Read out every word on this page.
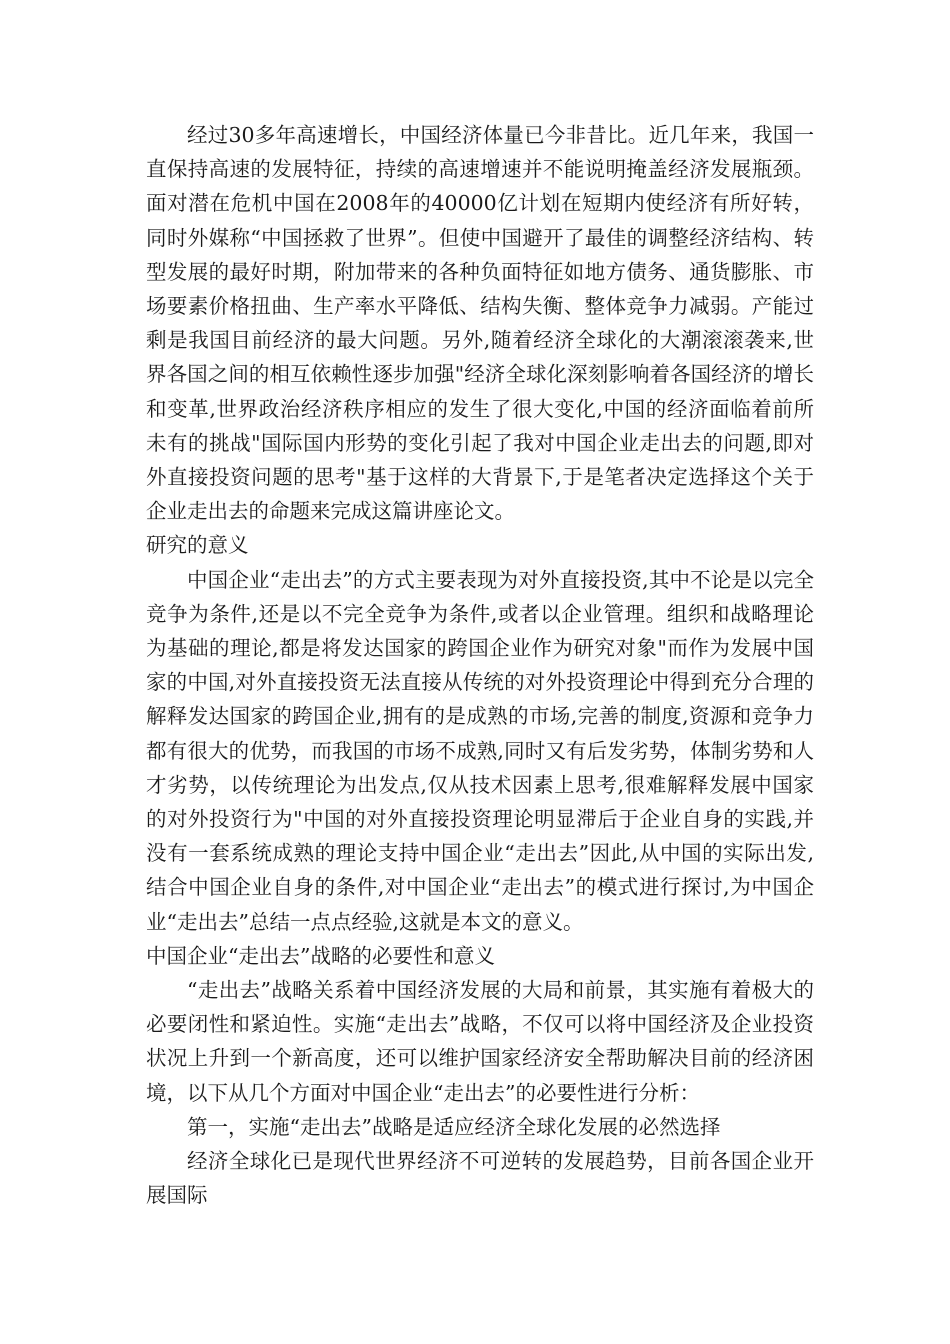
经过30多年高速增长，中国经济体量已今非昔比。近几年来，我国一直保持高速的发展特征，持续的高速增速并不能说明掩盖经济发展瓶颈。面对潜在危机中国在2008年的40000亿计划在短期内使经济有所好转，同时外媒称“中国拯救了世界”。但使中国避开了最佳的调整经济结构、转型发展的最好时期，附加带来的各种负面特征如地方债务、通货膨胀、市场要素价格扭曲、生产率水平降低、结构失衡、整体竞争力减弱。产能过剩是我国目前经济的最大问题。另外,随着经济全球化的大潮滚滚袭来,世界各国之间的相互依赖性逐步加强"经济全球化深刻影响着各国经济的增长和变革,世界政治经济秩序相应的发生了很大变化,中国的经济面临着前所未有的挑战"国际国内形势的变化引起了我对中国企业走出去的问题,即对外直接投资问题的思考"基于这样的大背景下,于是笔者决定选择这个关于企业走出去的命题来完成这篇讲座论文。

研究的意义

中国企业“走出去”的方式主要表现为对外直接投资,其中不论是以完全竞争为条件,还是以不完全竞争为条件,或者以企业管理。组织和战略理论为基础的理论,都是将发达国家的跨国企业作为研究对象"而作为发展中国家的中国,对外直接投资无法直接从传统的对外投资理论中得到充分合理的解释发达国家的跨国企业,拥有的是成熟的市场,完善的制度,资源和竞争力都有很大的优势，而我国的市场不成熟,同时又有后发劣势，体制劣势和人才劣势，以传统理论为出发点,仅从技术因素上思考,很难解释发展中国家的对外投资行为"中国的对外直接投资理论明显滞后于企业自身的实践,并没有一套系统成熟的理论支持中国企业“走出去”因此,从中国的实际出发,结合中国企业自身的条件,对中国企业“走出去”的模式进行探讨,为中国企业“走出去”总结一点点经验,这就是本文的意义。

中国企业“走出去”战略的必要性和意义

“走出去”战略关系着中国经济发展的大局和前景，其实施有着极大的必要闭性和紧迫性。实施“走出去”战略，不仅可以将中国经济及企业投资状况上升到一个新高度，还可以维护国家经济安全帮助解决目前的经济困境，以下从几个方面对中国企业“走出去”的必要性进行分析：

第一，实施“走出去”战略是适应经济全球化发展的必然选择

经济全球化已是现代世界经济不可逆转的发展趋势，目前各国企业开展国际
